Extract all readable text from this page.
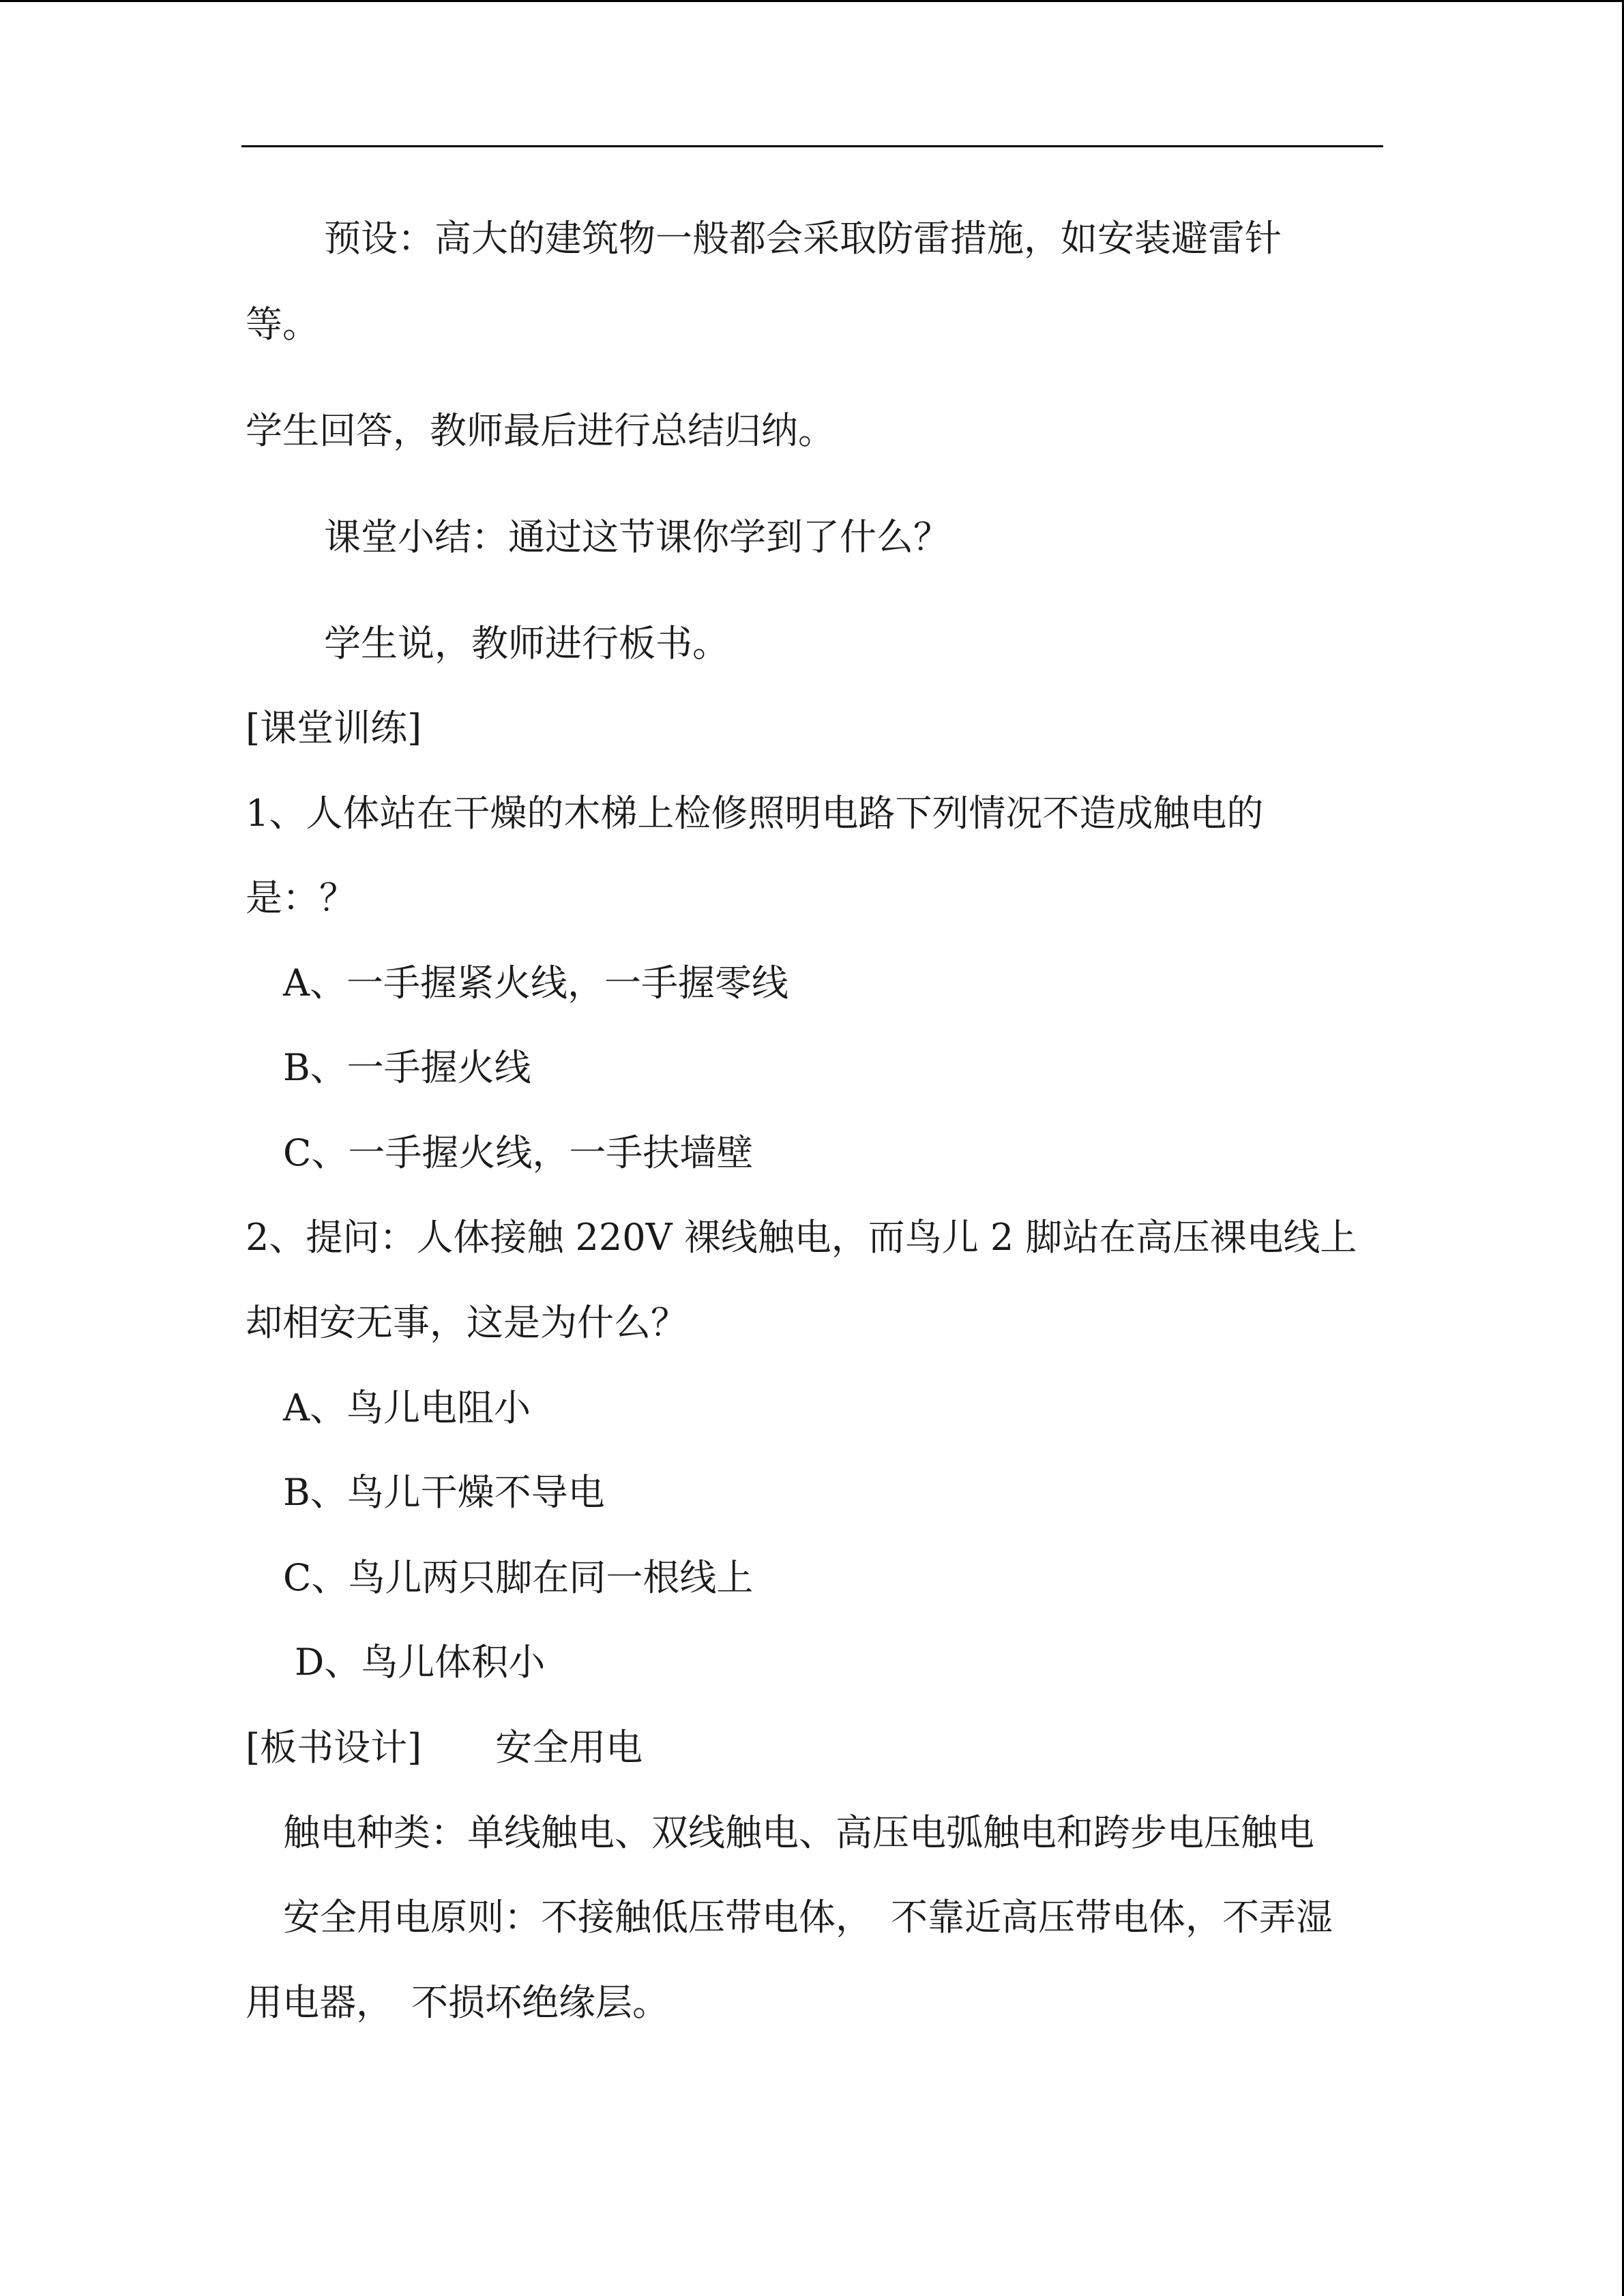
预设：高大的建筑物一般都会采取防雷措施，如安装避雷针
等。
学生回答，教师最后进行总结归纳。
课堂小结：通过这节课你学到了什么？
学生说，教师进行板书。
[课堂训练]
1、人体站在干燥的木梯上检修照明电路下列情况不造成触电的
是：？
A、一手握紧火线，一手握零线
B、一手握火线
C、一手握火线，一手扶墙壁
2、提问：人体接触 220V 裸线触电，而鸟儿 2 脚站在高压裸电线上
却相安无事，这是为什么？
A、鸟儿电阻小
B、鸟儿干燥不导电
C、鸟儿两只脚在同一根线上
D、鸟儿体积小
[板书设计]　　安全用电
触电种类：单线触电、双线触电、高压电弧触电和跨步电压触电
安全用电原则：不接触低压带电体，　不靠近高压带电体，不弄湿
用电器，　不损坏绝缘层。
